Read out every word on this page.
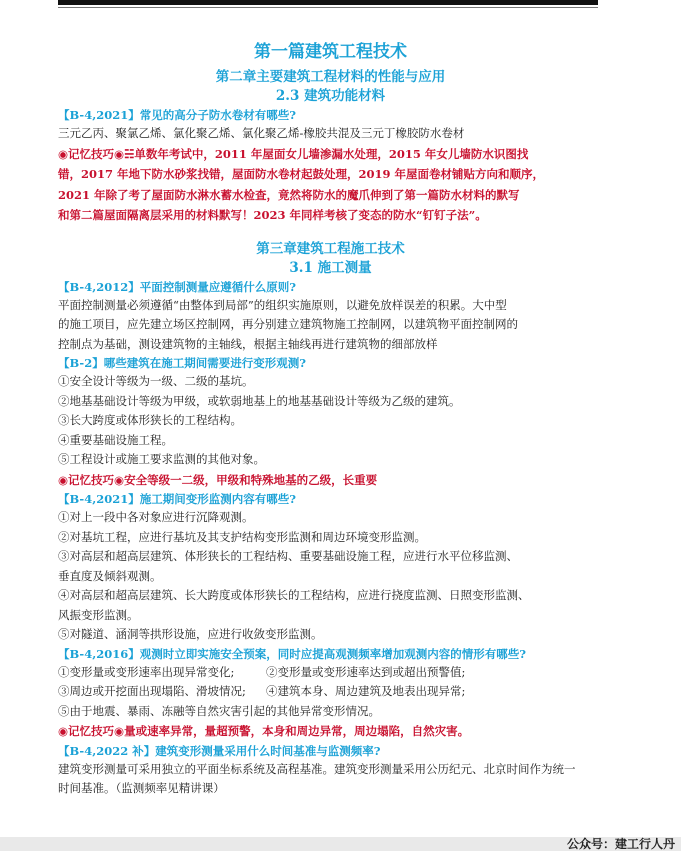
第一篇建筑工程技术
第二章主要建筑工程材料的性能与应用
2.3 建筑功能材料
【B-4,2021】常见的高分子防水卷材有哪些?
三元乙丙、聚氯乙烯、氯化聚乙烯、氯化聚乙烯-橡胶共混及三元丁橡胶防水卷材
◉记忆技巧◉☵单数年考试中，2011 年屋面女儿墙渗漏水处理，2015 年女儿墙防水识图找
错，2017 年地下防水砂浆找错，屋面防水卷材起鼓处理，2019 年屋面卷材铺贴方向和顺序，
2021 年除了考了屋面防水淋水蓄水检查，竟然将防水的魔爪伸到了第一篇防水材料的默写
和第二篇屋面隔离层采用的材料默写！2023 年同样考核了变态的防水“钉钉子法”。
第三章建筑工程施工技术
3.1 施工测量
【B-4,2012】平面控制测量应遵循什么原则?
平面控制测量必须遵循“由整体到局部”的组织实施原则，以避免放样误差的积累。大中型
的施工项目，应先建立场区控制网，再分别建立建筑物施工控制网，以建筑物平面控制网的
控制点为基础，测设建筑物的主轴线，根据主轴线再进行建筑物的细部放样
【B-2】哪些建筑在施工期间需要进行变形观测?
①安全设计等级为一级、二级的基坑。
②地基基础设计等级为甲级，或软弱地基上的地基基础设计等级为乙级的建筑。
③长大跨度或体形狭长的工程结构。
④重要基础设施工程。
⑤工程设计或施工要求监测的其他对象。
◉记忆技巧◉安全等级一二级，甲级和特殊地基的乙级，长重要
【B-4,2021】施工期间变形监测内容有哪些?
①对上一段中各对象应进行沉降观测。
②对基坑工程，应进行基坑及其支护结构变形监测和周边环境变形监测。
③对高层和超高层建筑、体形狭长的工程结构、重要基础设施工程，应进行水平位移监测、
垂直度及倾斜观测。
④对高层和超高层建筑、长大跨度或体形狭长的工程结构，应进行挠度监测、日照变形监测、
风振变形监测。
⑤对隧道、涵洞等拱形设施，应进行收敛变形监测。
【B-4,2016】观测时立即实施安全预案，同时应提高观测频率增加观测内容的情形有哪些?
①变形量或变形速率出现异常变化;	②变形量或变形速率达到或超出预警值;
③周边或开挖面出现塌陷、滑坡情况;	④建筑本身、周边建筑及地表出现异常;
⑤由于地震、暴雨、冻融等自然灾害引起的其他异常变形情况。
◉记忆技巧◉量或速率异常，量超预警，本身和周边异常，周边塌陷，自然灾害。
【B-4,2022 补】建筑变形测量采用什么时间基准与监测频率?
建筑变形测量可采用独立的平面坐标系统及高程基准。建筑变形测量采用公历纪元、北京时间作为统一
时间基准。（监测频率见精讲课）
公众号：建工行人丹
